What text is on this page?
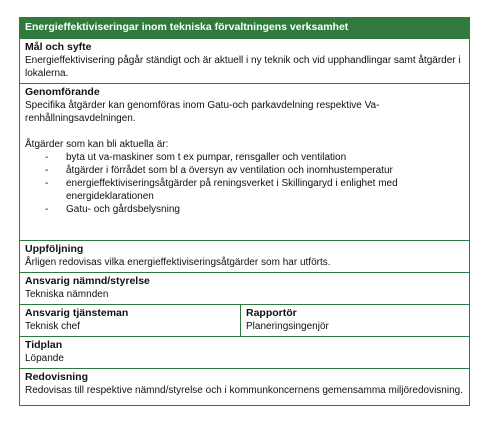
Energieffektiviseringar inom tekniska förvaltningens verksamhet
Mål och syfte

Energieffektivisering pågår ständigt och är aktuell i ny teknik och vid upphandlingar samt åtgärder i lokalerna.

Genomförande

Specifika åtgärder kan genomföras inom Gatu-och parkavdelning respektive Va-renhållningsavdelningen.

Åtgärder som kan bli aktuella är:

- byta ut va-maskiner som t ex pumpar, rensgaller och ventilation
- åtgärder i förrådet som bl a översyn av ventilation och inomhustemperatur
- energieffektiviseringsåtgärder på reningsverket i Skillingaryd i enlighet med energideklarationen
- Gatu- och gårdsbelysning
Uppföljning

Årligen redovisas vilka energieffektiviseringsåtgärder som har utförts.

Ansvarig nämnd/styrelse

Tekniska nämnden

Ansvarig tjänsteman
Teknisk chef
Rapportör
Planeringsingenjör
Tidplan

Löpande

Redovisning

Redovisas till respektive nämnd/styrelse och i kommunkoncernens gemensamma miljöredovisning.
